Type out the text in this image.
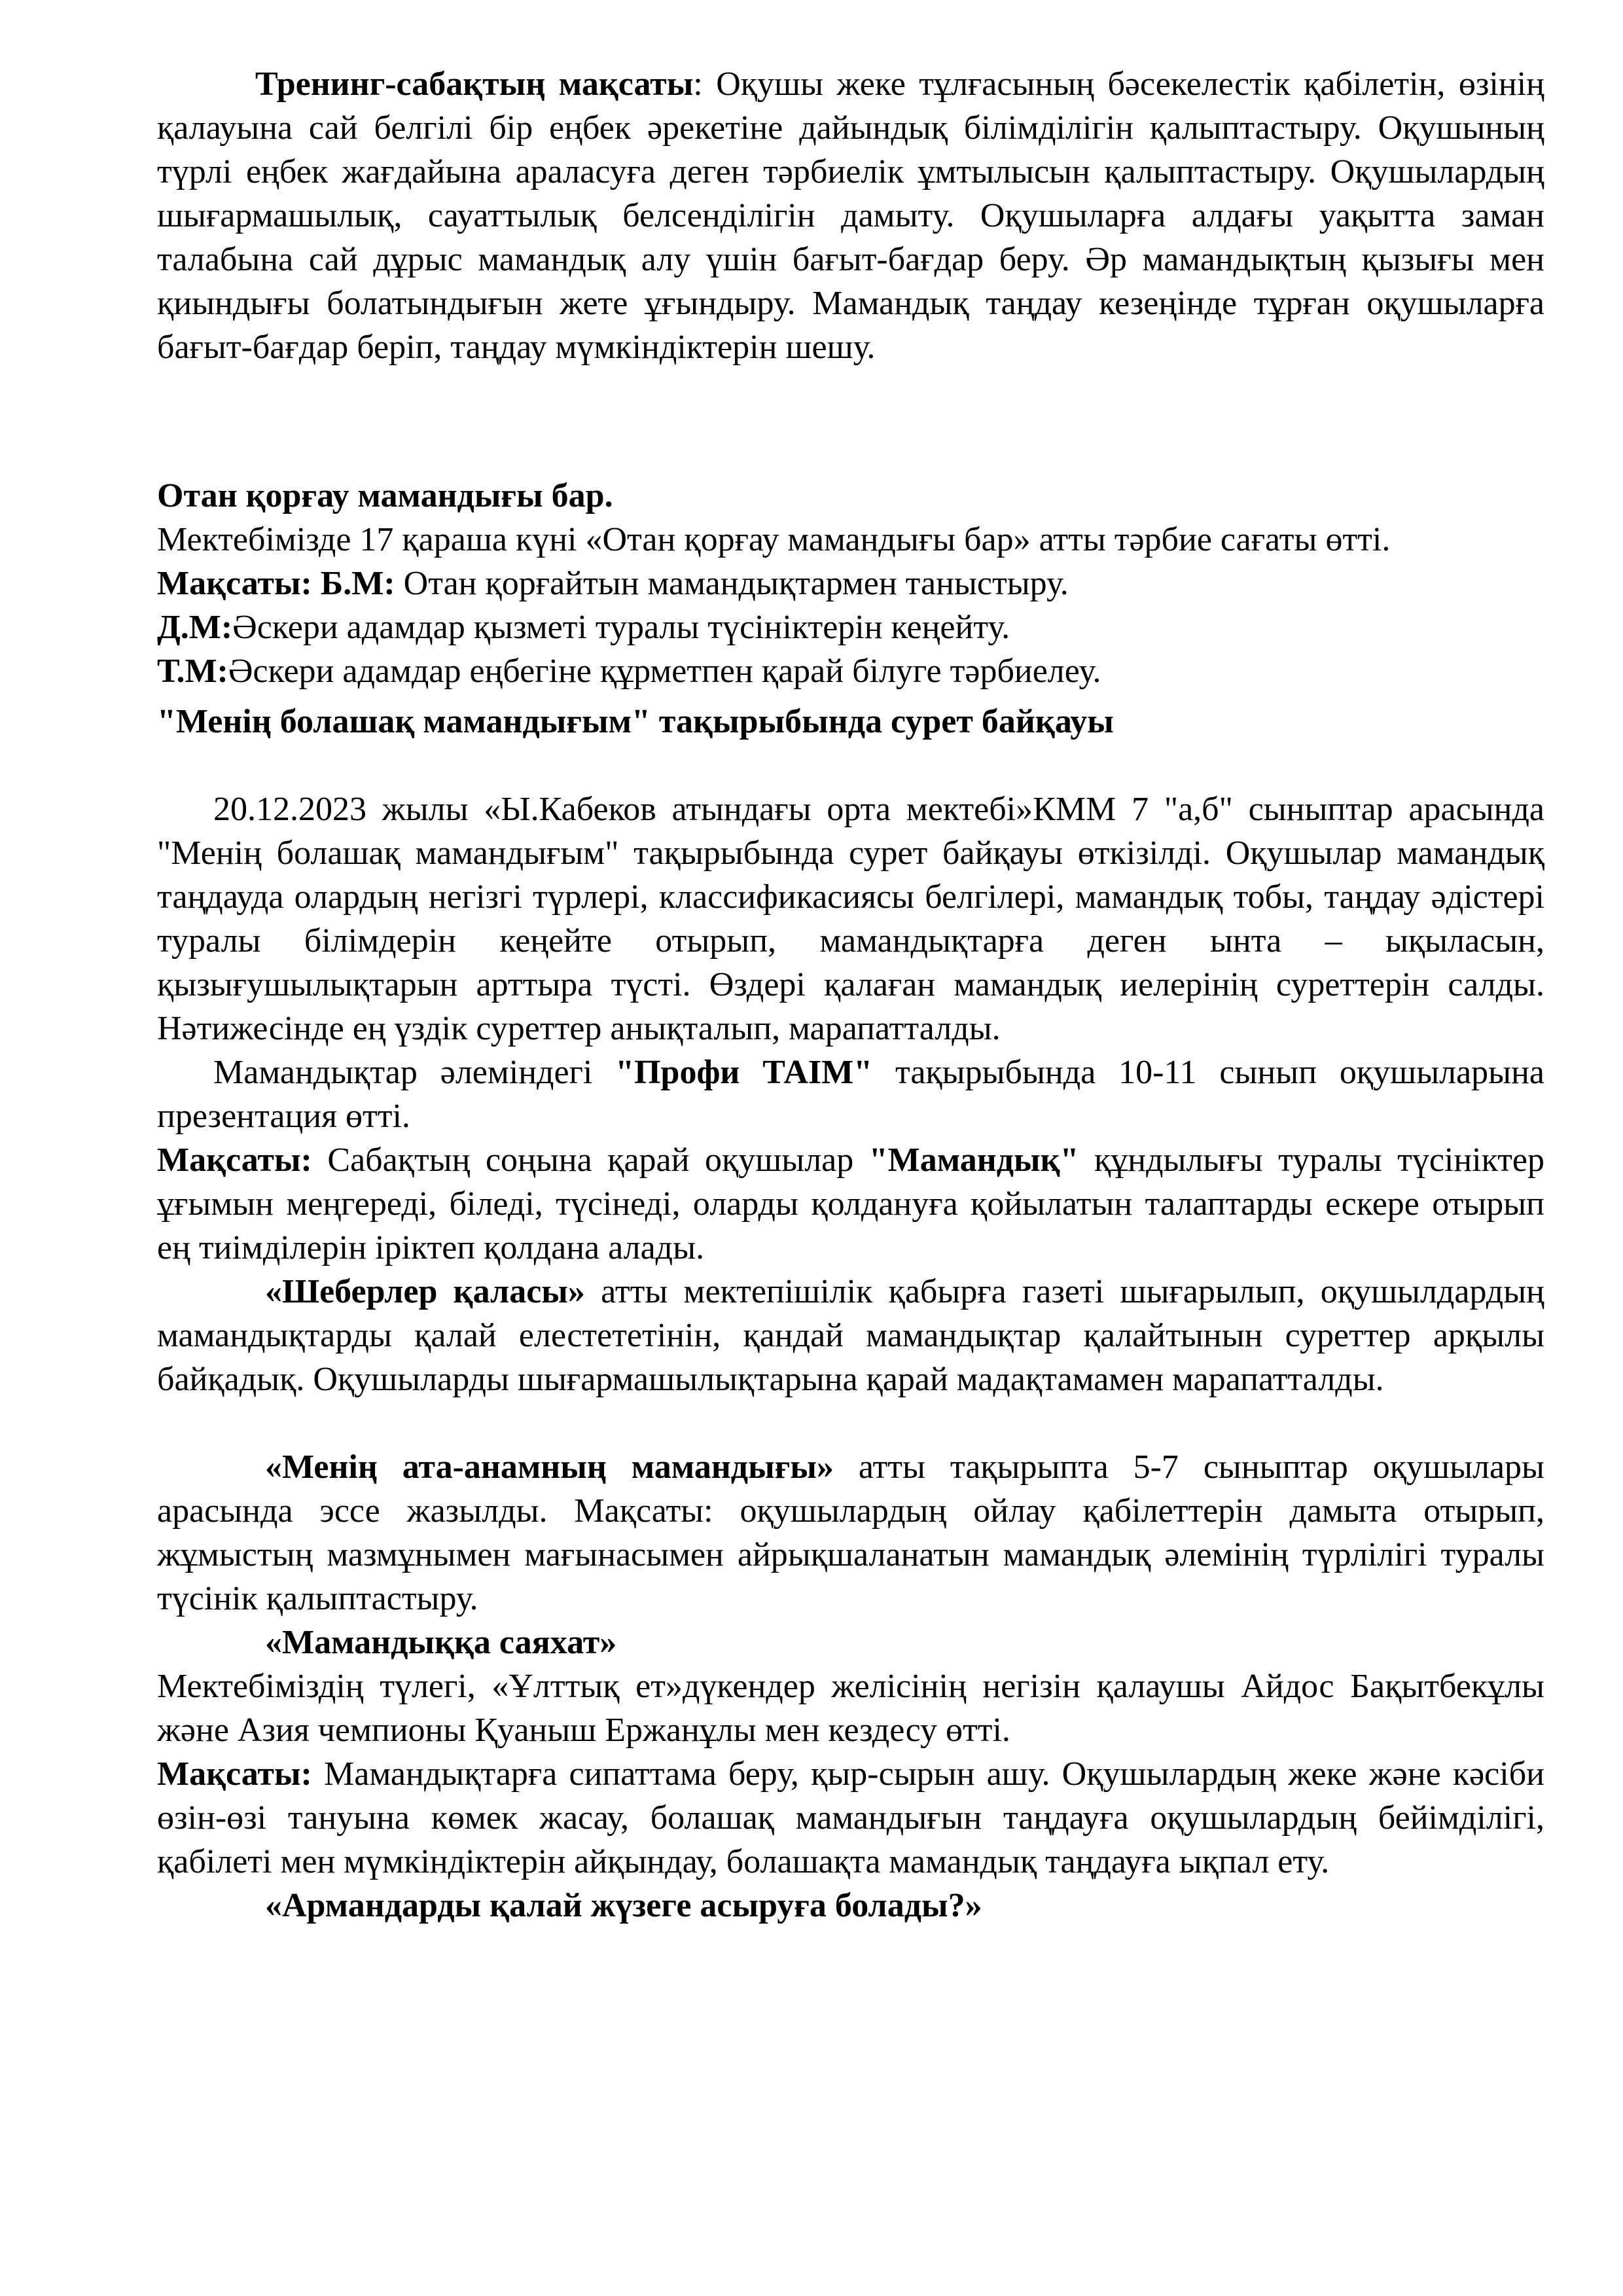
Тренинг-сабақтың мақсаты: Оқушы жеке тұлғасының бәсекелестік қабілетін, өзінің қалауына сай белгілі бір еңбек әрекетіне дайындық білімділігін қалыптастыру. Оқушының түрлі еңбек жағдайына араласуға деген тәрбиелік ұмтылысын қалыптастыру. Оқушылардың шығармашылық, сауаттылық белсенділігін дамыту. Оқушыларға алдағы уақытта заман талабына сай дұрыс мамандық алу үшін бағыт-бағдар беру. Әр мамандықтың қызығы мен қиындығы болатындығын жете ұғындыру. Мамандық таңдау кезеңінде тұрған оқушыларға бағыт-бағдар беріп, таңдау мүмкіндіктерін шешу.

Отан қорғау мамандығы бар.

Мектебімізде 17 қараша күні «Отан қорғау мамандығы бар» атты тәрбие сағаты өтті.

Мақсаты: Б.М: Отан қорғайтын мамандықтармен таныстыру.

Д.М:Әскери адамдар қызметі туралы түсініктерін кеңейту.

Т.М:Әскери адамдар еңбегіне құрметпен қарай білуге тәрбиелеу.

"Менің болашақ мамандығым" тақырыбында сурет байқауы

20.12.2023 жылы «Ы.Кабеков атындағы орта мектебі»КММ 7 "а,б" сыныптар арасында "Менің болашақ мамандығым" тақырыбында сурет байқауы өткізілді. Оқушылар мамандық таңдауда олардың негізгі түрлері, классификасиясы белгілері, мамандық тобы, таңдау әдістері туралы білімдерін кеңейте отырып, мамандықтарға деген ынта – ықыласын, қызығушылықтарын арттыра түсті. Өздері қалаған мамандық иелерінің суреттерін салды. Нәтижесінде ең үздік суреттер анықталып, марапатталды.

Мамандықтар әлеміндегі "Профи ТАІМ" тақырыбында 10-11 сынып оқушыларына презентация өтті.

Мақсаты: Сабақтың соңына қарай оқушылар "Мамандық" құндылығы туралы түсініктер ұғымын меңгереді, біледі, түсінеді, оларды қолдануға қойылатын талаптарды ескере отырып ең тиімділерін іріктеп қолдана алады.

«Шеберлер қаласы» атты мектепішілік қабырға газеті шығарылып, оқушылдардың мамандықтарды қалай елестететінін, қандай мамандықтар қалайтынын суреттер арқылы байқадық. Оқушыларды шығармашылықтарына қарай мадақтамамен марапатталды.

«Менің ата-анамның мамандығы» атты тақырыпта 5-7 сыныптар оқушылары арасында эссе жазылды. Мақсаты: оқушылардың ойлау қабілеттерін дамыта отырып, жұмыстың мазмұнымен мағынасымен айрықшаланатын мамандық әлемінің түрлілігі туралы түсінік қалыптастыру.

«Мамандыққа саяхат»

Мектебіміздің түлегі, «Ұлттық ет»дүкендер желісінің негізін қалаушы Айдос Бақытбекұлы және Азия чемпионы Қуаныш Ержанұлы мен кездесу өтті.

Мақсаты: Мамандықтарға сипаттама беру, қыр-сырын ашу. Оқушылардың жеке және кәсіби өзін-өзі тануына көмек жасау, болашақ мамандығын таңдауға оқушылардың бейімділігі, қабілеті мен мүмкіндіктерін айқындау, болашақта мамандық таңдауға ықпал ету.

«Армандарды қалай жүзеге асыруға болады?»
